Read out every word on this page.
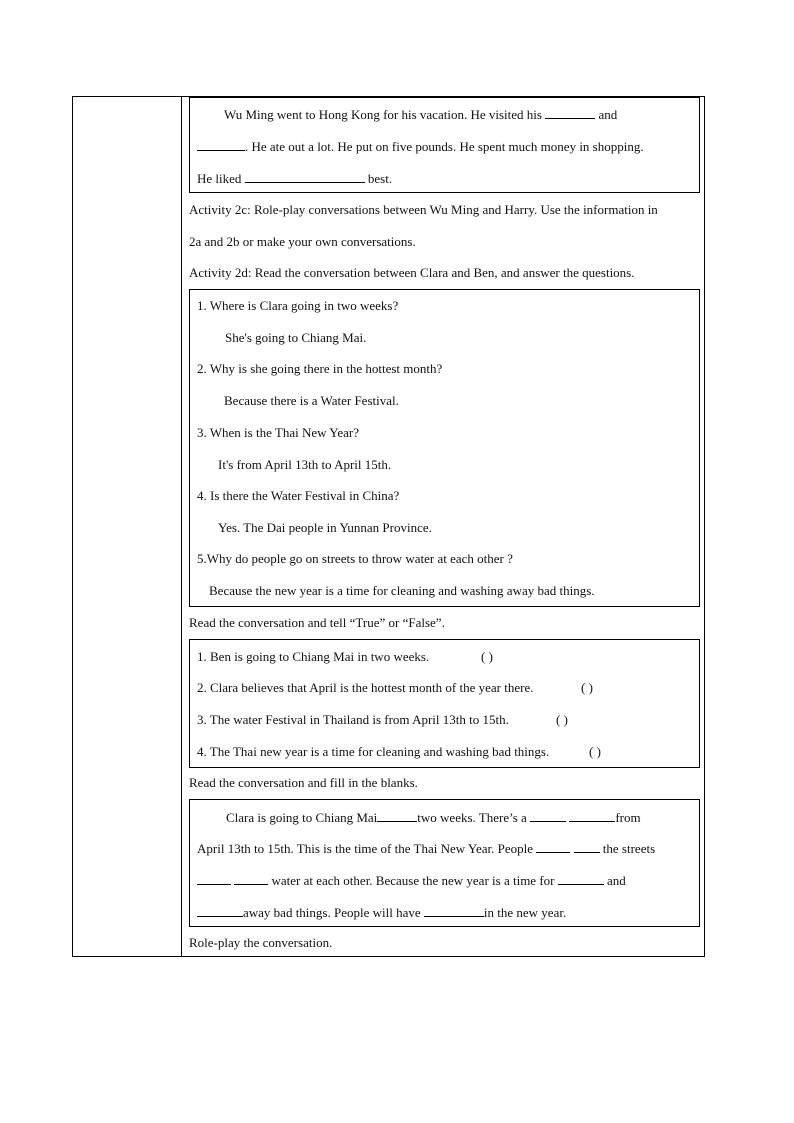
Wu Ming went to Hong Kong for his vacation. He visited his	and
. He ate out a lot. He put on five pounds. He spent much money in shopping.
He liked	best.
Activity 2c: Role-play conversations between Wu Ming and Harry. Use the information in
2a and 2b or make your own conversations.
Activity 2d: Read the conversation between Clara and Ben, and answer the questions.
1. Where is Clara going in two weeks?
She's going to Chiang Mai.
2. Why is she going there in the hottest month?
Because there is a Water Festival.
3. When is the Thai New Year?
It's from April 13th to April 15th.
4. Is there the Water Festival in China?
Yes. The Dai people in Yunnan Province.
5.Why do people go on streets to throw water at each other ?
Because the new year is a time for cleaning and washing away bad things.
Read the conversation and tell “True” or “False”.
1. Ben is going to Chiang Mai in two weeks.	( )
2. Clara believes that April is the hottest month of the year there.	( )
3. The water Festival in Thailand is from April 13th to 15th.	( )
4. The Thai new year is a time for cleaning and washing bad things.	( )
Read the conversation and fill in the blanks.
Clara is going to Chiang Mai	two weeks. There’s a	from
April 13th to 15th. This is the time of the Thai New Year. People	the streets
water at each other. Because the new year is a time for	and
away bad things. People will have	in the new year.
Role-play the conversation.
